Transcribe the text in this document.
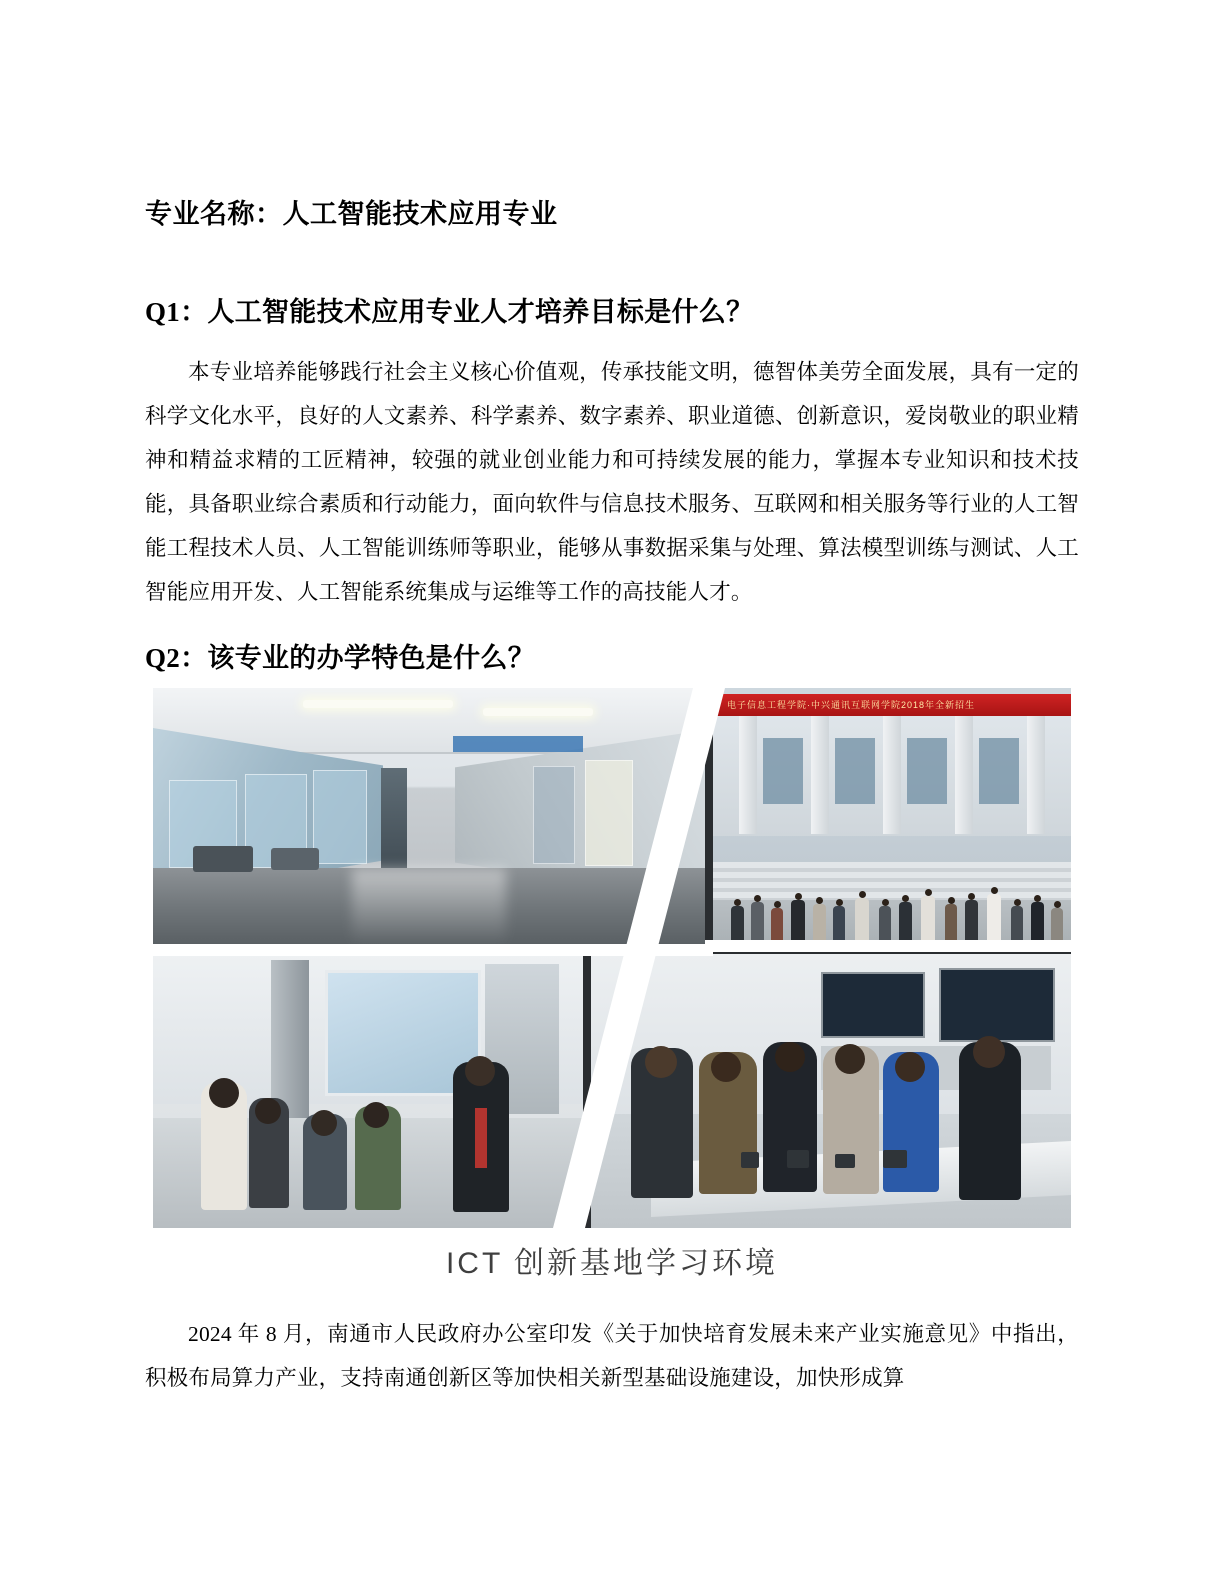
专业名称：人工智能技术应用专业
Q1：人工智能技术应用专业人才培养目标是什么？

本专业培养能够践行社会主义核心价值观，传承技能文明，德智体美劳全面发展，具有一定的科学文化水平，良好的人文素养、科学素养、数字素养、职业道德、创新意识，爱岗敬业的职业精神和精益求精的工匠精神，较强的就业创业能力和可持续发展的能力，掌握本专业知识和技术技能，具备职业综合素质和行动能力，面向软件与信息技术服务、互联网和相关服务等行业的人工智能工程技术人员、人工智能训练师等职业，能够从事数据采集与处理、算法模型训练与测试、人工智能应用开发、人工智能系统集成与运维等工作的高技能人才。

Q2：该专业的办学特色是什么？
电子信息工程学院·中兴通讯互联网学院2018年全新招生
ICT 创新基地学习环境

2024 年 8 月，南通市人民政府办公室印发《关于加快培育发展未来产业实施意见》中指出，积极布局算力产业，支持南通创新区等加快相关新型基础设施建设，加快形成算
